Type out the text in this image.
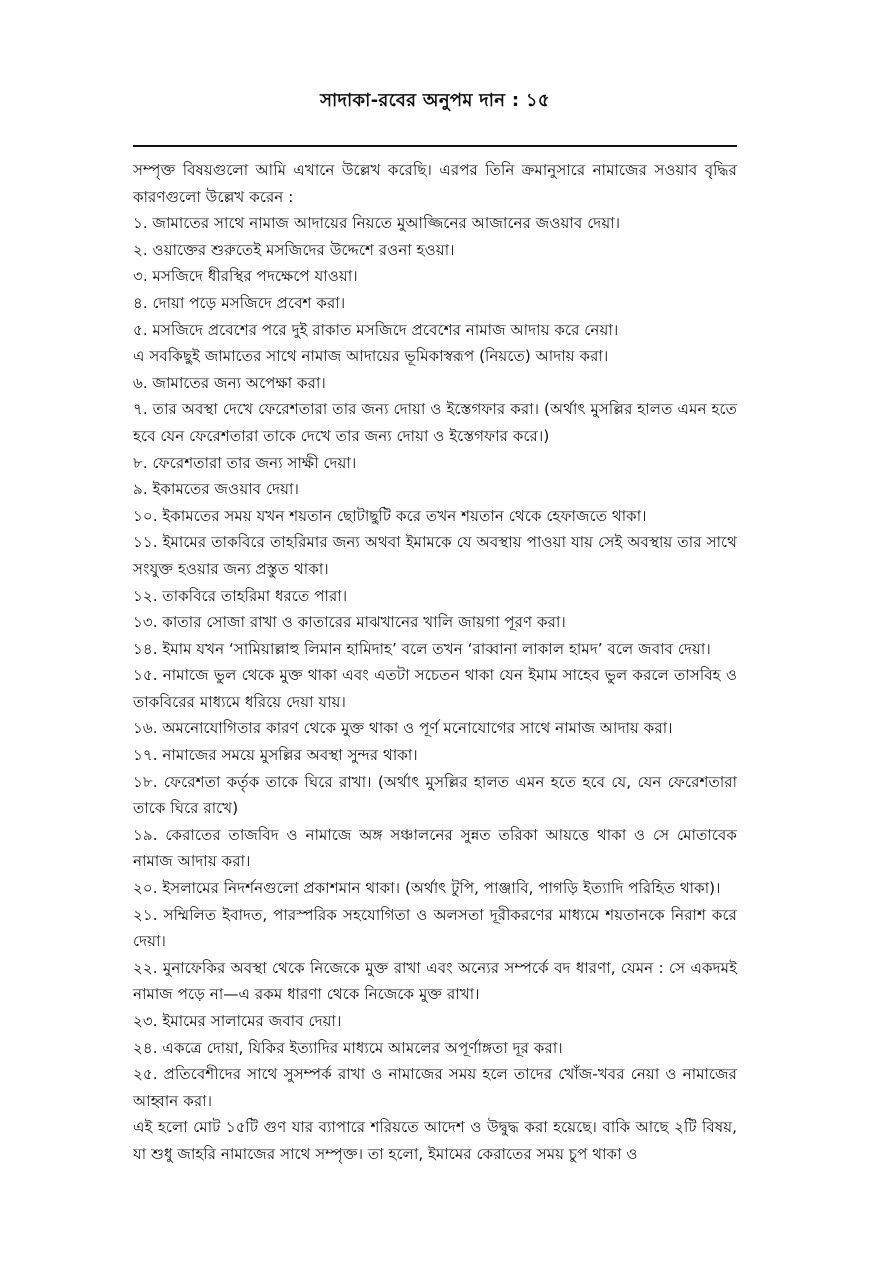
সাদাকা-রবের অনুপম দান : ১৫

সম্পৃক্ত বিষয়গুলো আমি এখানে উল্লেখ করেছি। এরপর তিনি ক্রমানুসারে নামাজের সওয়াব বৃদ্ধির কারণগুলো উল্লেখ করেন :

১. জামাতের সাথে নামাজ আদায়ের নিয়তে মুআজ্জিনের আজানের জওয়াব দেয়া।

২. ওয়াক্তের শুরুতেই মসজিদের উদ্দেশে রওনা হওয়া।

৩. মসজিদে ধীরস্থির পদক্ষেপে যাওয়া।

৪. দোয়া পড়ে মসজিদে প্রবেশ করা।

৫. মসজিদে প্রবেশের পরে দুই রাকাত মসজিদে প্রবেশের নামাজ আদায় করে নেয়া।

এ সবকিছুই জামাতের সাথে নামাজ আদায়ের ভূমিকাস্বরূপ (নিয়তে) আদায় করা।

৬. জামাতের জন্য অপেক্ষা করা।

৭. তার অবস্থা দেখে ফেরেশতারা তার জন্য দোয়া ও ইস্তেগফার করা। (অর্থাৎ মুসল্লির হালত এমন হতে হবে যেন ফেরেশতারা তাকে দেখে তার জন্য দোয়া ও ইস্তেগফার করে।)

৮. ফেরেশতারা তার জন্য সাক্ষী দেয়া।

৯. ইকামতের জওয়াব দেয়া।

১০. ইকামতের সময় যখন শয়তান ছোটাছুটি করে তখন শয়তান থেকে হেফাজতে থাকা।

১১. ইমামের তাকবিরে তাহরিমার জন্য অথবা ইমামকে যে অবস্থায় পাওয়া যায় সেই অবস্থায় তার সাথে সংযুক্ত হওয়ার জন্য প্রস্তুত থাকা।

১২. তাকবিরে তাহরিমা ধরতে পারা।

১৩. কাতার সোজা রাখা ও কাতারের মাঝখানের খালি জায়গা পূরণ করা।

১৪. ইমাম যখন ‘সামিয়াল্লাহু লিমান হামিদাহ’ বলে তখন ‘রাব্বানা লাকাল হামদ’ বলে জবাব দেয়া।

১৫. নামাজে ভুল থেকে মুক্ত থাকা এবং এতটা সচেতন থাকা যেন ইমাম সাহেব ভুল করলে তাসবিহ ও তাকবিরের মাধ্যমে ধরিয়ে দেয়া যায়।

১৬. অমনোযোগিতার কারণ থেকে মুক্ত থাকা ও পূর্ণ মনোযোগের সাথে নামাজ আদায় করা।

১৭. নামাজের সময়ে মুসল্লির অবস্থা সুন্দর থাকা।

১৮. ফেরেশতা কর্তৃক তাকে ঘিরে রাখা। (অর্থাৎ মুসল্লির হালত এমন হতে হবে যে, যেন ফেরেশতারা তাকে ঘিরে রাখে)

১৯. কেরাতের তাজবিদ ও নামাজে অঙ্গ সঞ্চালনের সুন্নত তরিকা আয়ত্তে থাকা ও সে মোতাবেক নামাজ আদায় করা।

২০. ইসলামের নিদর্শনগুলো প্রকাশমান থাকা। (অর্থাৎ টুপি, পাঞ্জাবি, পাগড়ি ইত্যাদি পরিহিত থাকা)।

২১. সম্মিলিত ইবাদত, পারস্পরিক সহযোগিতা ও অলসতা দূরীকরণের মাধ্যমে শয়তানকে নিরাশ করে দেয়া।

২২. মুনাফেকির অবস্থা থেকে নিজেকে মুক্ত রাখা এবং অন্যের সম্পর্কে বদ ধারণা, যেমন : সে একদমই নামাজ পড়ে না—এ রকম ধারণা থেকে নিজেকে মুক্ত রাখা।

২৩. ইমামের সালামের জবাব দেয়া।

২৪. একত্রে দোয়া, যিকির ইত্যাদির মাধ্যমে আমলের অপূর্ণাঙ্গতা দূর করা।

২৫. প্রতিবেশীদের সাথে সুসম্পর্ক রাখা ও নামাজের সময় হলে তাদের খোঁজ-খবর নেয়া ও নামাজের আহ্বান করা।

এই হলো মোট ১৫টি গুণ যার ব্যাপারে শরিয়তে আদেশ ও উদ্বুদ্ধ করা হয়েছে। বাকি আছে ২টি বিষয়, যা শুধু জাহরি নামাজের সাথে সম্পৃক্ত। তা হলো, ইমামের কেরাতের সময় চুপ থাকা ও
